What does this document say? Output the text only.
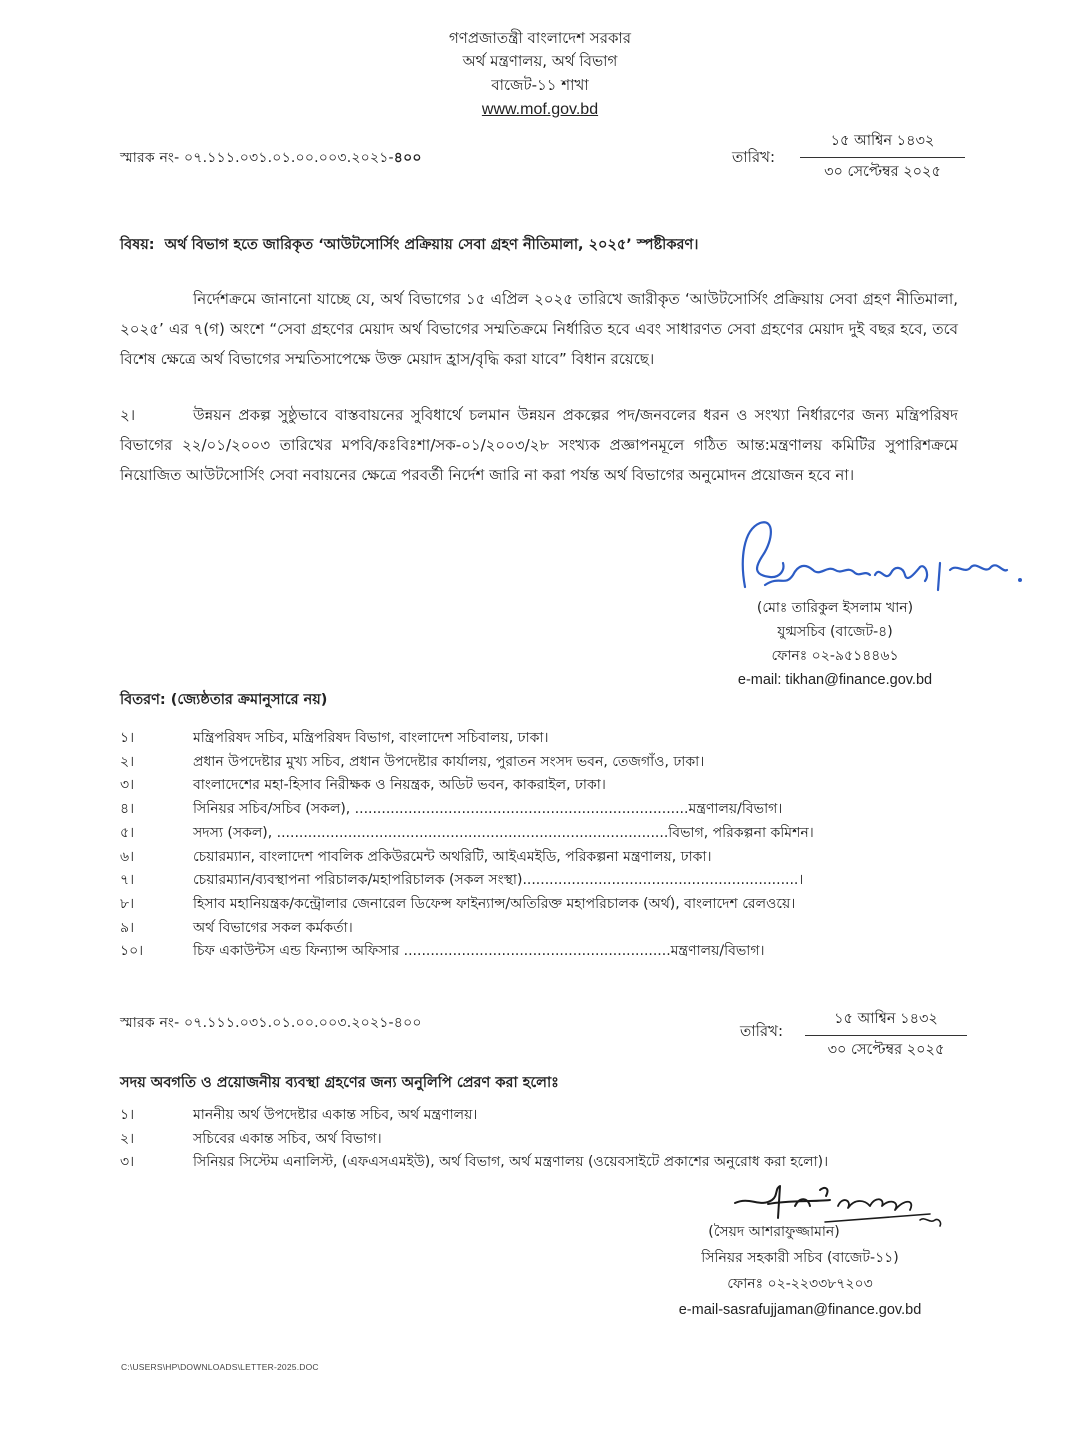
গণপ্রজাতন্ত্রী বাংলাদেশ সরকার
অর্থ মন্ত্রণালয়, অর্থ বিভাগ
বাজেট-১১ শাখা
www.mof.gov.bd
স্মারক নং- ০৭.১১১.০৩১.০১.০০.০০৩.২০২১-৪০০	তারিখ:
১৫ আশ্বিন ১৪৩২
৩০ সেপ্টেম্বর ২০২৫
বিষয়: অর্থ বিভাগ হতে জারিকৃত ‘আউটসোর্সিং প্রক্রিয়ায় সেবা গ্রহণ নীতিমালা, ২০২৫’ স্পষ্টীকরণ।
নির্দেশক্রমে জানানো যাচ্ছে যে, অর্থ বিভাগের ১৫ এপ্রিল ২০২৫ তারিখে জারীকৃত ‘আউটসোর্সিং প্রক্রিয়ায় সেবা গ্রহণ নীতিমালা, ২০২৫’ এর ৭(গ) অংশে “সেবা গ্রহণের মেয়াদ অর্থ বিভাগের সম্মতিক্রমে নির্ধারিত হবে এবং সাধারণত সেবা গ্রহণের মেয়াদ দুই বছর হবে, তবে বিশেষ ক্ষেত্রে অর্থ বিভাগের সম্মতিসাপেক্ষে উক্ত মেয়াদ হ্রাস/বৃদ্ধি করা যাবে” বিধান রয়েছে।
২।	উন্নয়ন প্রকল্প সুষ্ঠুভাবে বাস্তবায়নের সুবিধার্থে চলমান উন্নয়ন প্রকল্পের পদ/জনবলের ধরন ও সংখ্যা নির্ধারণের জন্য মন্ত্রিপরিষদ বিভাগের ২২/০১/২০০৩ তারিখের মপবি/কঃবিঃশা/সক-০১/২০০৩/২৮ সংখ্যক প্রজ্ঞাপনমূলে গঠিত আন্ত:মন্ত্রণালয় কমিটির সুপারিশক্রমে নিয়োজিত আউটসোর্সিং সেবা নবায়নের ক্ষেত্রে পরবর্তী নির্দেশ জারি না করা পর্যন্ত অর্থ বিভাগের অনুমোদন প্রয়োজন হবে না।
(মোঃ তারিকুল ইসলাম খান)
যুগ্মসচিব (বাজেট-৪)
ফোনঃ ০২-৯৫১৪৪৬১
e-mail: tikhan@finance.gov.bd
বিতরণ: (জ্যেষ্ঠতার ক্রমানুসারে নয়)
১।	মন্ত্রিপরিষদ সচিব, মন্ত্রিপরিষদ বিভাগ, বাংলাদেশ সচিবালয়, ঢাকা।
২।	প্রধান উপদেষ্টার মুখ্য সচিব, প্রধান উপদেষ্টার কার্যালয়, পুরাতন সংসদ ভবন, তেজগাঁও, ঢাকা।
৩।	বাংলাদেশের মহা-হিসাব নিরীক্ষক ও নিয়ন্ত্রক, অডিট ভবন, কাকরাইল, ঢাকা।
৪।	সিনিয়র সচিব/সচিব (সকল), ...........................................................................মন্ত্রণালয়/বিভাগ।
৫।	সদস্য (সকল), ........................................................................................বিভাগ, পরিকল্পনা কমিশন।
৬।	চেয়ারম্যান, বাংলাদেশ পাবলিক প্রকিউরমেন্ট অথরিটি, আইএমইডি, পরিকল্পনা মন্ত্রণালয়, ঢাকা।
৭।	চেয়ারম্যান/ব্যবস্থাপনা পরিচালক/মহাপরিচালক (সকল সংস্থা)..............................................................।
৮।	হিসাব মহানিয়ন্ত্রক/কন্ট্রোলার জেনারেল ডিফেন্স ফাইন্যান্স/অতিরিক্ত মহাপরিচালক (অর্থ), বাংলাদেশ রেলওয়ে।
৯।	অর্থ বিভাগের সকল কর্মকর্তা।
১০।	চিফ একাউন্টস এন্ড ফিন্যান্স অফিসার ............................................................মন্ত্রণালয়/বিভাগ।
স্মারক নং- ০৭.১১১.০৩১.০১.০০.০০৩.২০২১-৪০০	তারিখ:
১৫ আশ্বিন ১৪৩২
৩০ সেপ্টেম্বর ২০২৫
সদয় অবগতি ও প্রয়োজনীয় ব্যবস্থা গ্রহণের জন্য অনুলিপি প্রেরণ করা হলোঃ
১।	মাননীয় অর্থ উপদেষ্টার একান্ত সচিব, অর্থ মন্ত্রণালয়।
২।	সচিবের একান্ত সচিব, অর্থ বিভাগ।
৩।	সিনিয়র সিস্টেম এনালিস্ট, (এফএসএমইউ), অর্থ বিভাগ, অর্থ মন্ত্রণালয় (ওয়েবসাইটে প্রকাশের অনুরোধ করা হলো)।
(সৈয়দ আশরাফুজ্জামান)
সিনিয়র সহকারী সচিব (বাজেট-১১)
ফোনঃ ০২-২২৩৩৮৭২০৩
e-mail-sasrafujjaman@finance.gov.bd
C:\USERS\HP\DOWNLOADS\LETTER-2025.DOC
